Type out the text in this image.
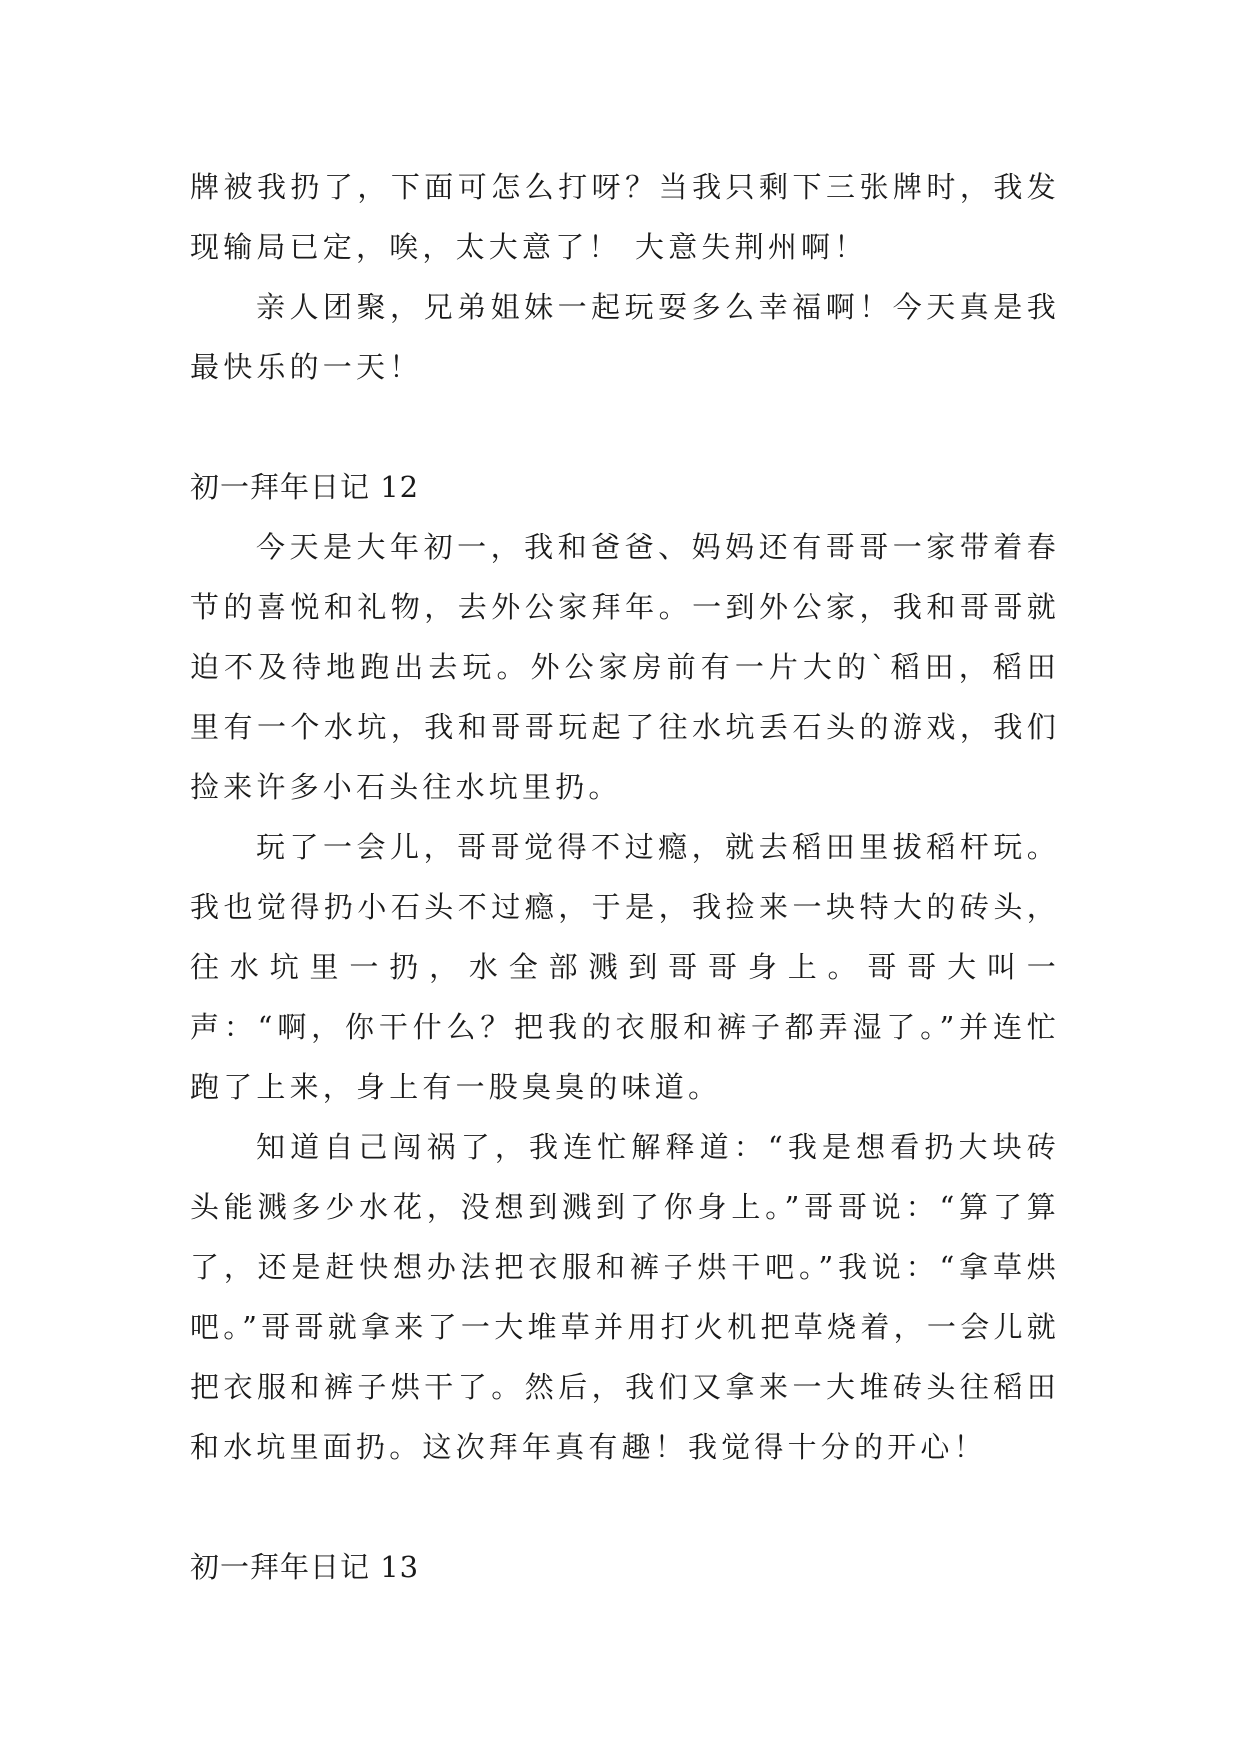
牌被我扔了，下面可怎么打呀？当我只剩下三张牌时，我发现输局已定，唉，太大意了！ 大意失荆州啊！

亲人团聚，兄弟姐妹一起玩耍多么幸福啊！今天真是我最快乐的一天！

初一拜年日记 12

今天是大年初一，我和爸爸、妈妈还有哥哥一家带着春节的喜悦和礼物，去外公家拜年。一到外公家，我和哥哥就迫不及待地跑出去玩。外公家房前有一片大的`稻田，稻田里有一个水坑，我和哥哥玩起了往水坑丢石头的游戏，我们捡来许多小石头往水坑里扔。

玩了一会儿，哥哥觉得不过瘾，就去稻田里拔稻杆玩。我也觉得扔小石头不过瘾，于是，我捡来一块特大的砖头，往水坑里一扔，水全部溅到哥哥身上。哥哥大叫一声：“啊，你干什么？把我的衣服和裤子都弄湿了。”并连忙跑了上来，身上有一股臭臭的味道。

知道自己闯祸了，我连忙解释道：“我是想看扔大块砖头能溅多少水花，没想到溅到了你身上。”哥哥说：“算了算了，还是赶快想办法把衣服和裤子烘干吧。”我说：“拿草烘吧。”哥哥就拿来了一大堆草并用打火机把草烧着，一会儿就把衣服和裤子烘干了。然后，我们又拿来一大堆砖头往稻田和水坑里面扔。这次拜年真有趣！我觉得十分的开心！

初一拜年日记 13
